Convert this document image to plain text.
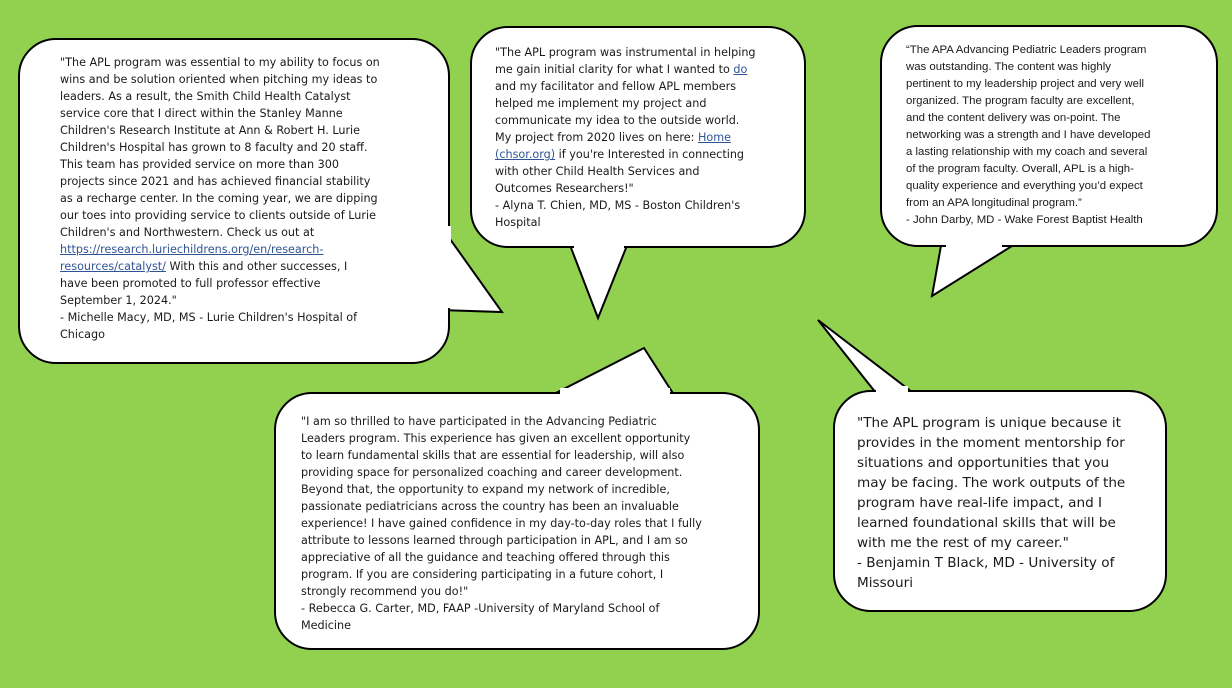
"The APL program was essential to my ability to focus on
wins and be solution oriented when pitching my ideas to
leaders. As a result, the Smith Child Health Catalyst
service core that I direct within the Stanley Manne
Children's Research Institute at Ann & Robert H. Lurie
Children's Hospital has grown to 8 faculty and 20 staff.
This team has provided service on more than 300
projects since 2021 and has achieved financial stability
as a recharge center. In the coming year, we are dipping
our toes into providing service to clients outside of Lurie
Children's and Northwestern. Check us out at
https://research.luriechildrens.org/en/research-
resources/catalyst/ With this and other successes, I
have been promoted to full professor effective
September 1, 2024."
- Michelle Macy, MD, MS - Lurie Children's Hospital of
Chicago
"The APL program was instrumental in helping
me gain initial clarity for what I wanted to do
and my facilitator and fellow APL members
helped me implement my project and
communicate my idea to the outside world.
My project from 2020 lives on here: Home
(chsor.org) if you're Interested in connecting
with other Child Health Services and
Outcomes Researchers!"
- Alyna T. Chien, MD, MS - Boston Children's
Hospital
“The APA Advancing Pediatric Leaders program
was outstanding. The content was highly
pertinent to my leadership project and very well
organized. The program faculty are excellent,
and the content delivery was on-point. The
networking was a strength and I have developed
a lasting relationship with my coach and several
of the program faculty. Overall, APL is a high-
quality experience and everything you’d expect
from an APA longitudinal program.”
- John Darby, MD - Wake Forest Baptist Health
"I am so thrilled to have participated in the Advancing Pediatric
Leaders program. This experience has given an excellent opportunity
to learn fundamental skills that are essential for leadership, will also
providing space for personalized coaching and career development.
Beyond that, the opportunity to expand my network of incredible,
passionate pediatricians across the country has been an invaluable
experience! I have gained confidence in my day-to-day roles that I fully
attribute to lessons learned through participation in APL, and I am so
appreciative of all the guidance and teaching offered through this
program. If you are considering participating in a future cohort, I
strongly recommend you do!"
- Rebecca G. Carter, MD, FAAP -University of Maryland School of
Medicine
"The APL program is unique because it
provides in the moment mentorship for
situations and opportunities that you
may be facing. The work outputs of the
program have real-life impact, and I
learned foundational skills that will be
with me the rest of my career."
- Benjamin T Black, MD - University of
Missouri
